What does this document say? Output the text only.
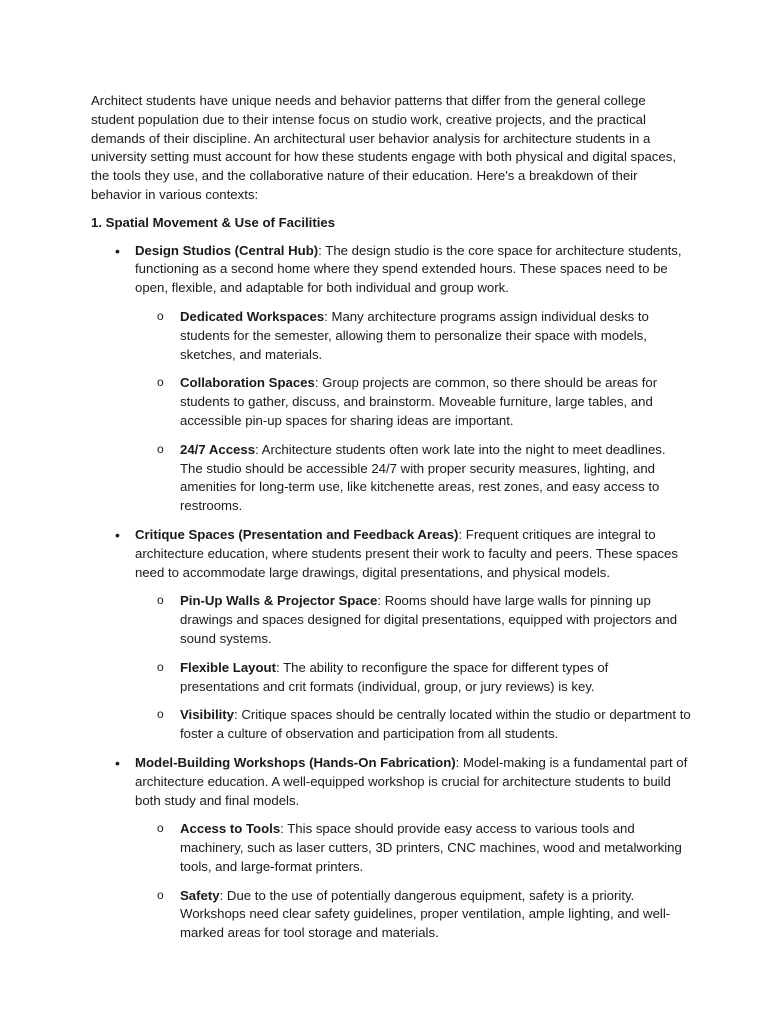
Architect students have unique needs and behavior patterns that differ from the general college student population due to their intense focus on studio work, creative projects, and the practical demands of their discipline. An architectural user behavior analysis for architecture students in a university setting must account for how these students engage with both physical and digital spaces, the tools they use, and the collaborative nature of their education. Here's a breakdown of their behavior in various contexts:

1. Spatial Movement & Use of Facilities

• Design Studios (Central Hub): The design studio is the core space for architecture students, functioning as a second home where they spend extended hours. These spaces need to be open, flexible, and adaptable for both individual and group work.

o Dedicated Workspaces: Many architecture programs assign individual desks to students for the semester, allowing them to personalize their space with models, sketches, and materials.
o Collaboration Spaces: Group projects are common, so there should be areas for students to gather, discuss, and brainstorm. Moveable furniture, large tables, and accessible pin-up spaces for sharing ideas are important.
o 24/7 Access: Architecture students often work late into the night to meet deadlines. The studio should be accessible 24/7 with proper security measures, lighting, and amenities for long-term use, like kitchenette areas, rest zones, and easy access to restrooms.
• Critique Spaces (Presentation and Feedback Areas): Frequent critiques are integral to architecture education, where students present their work to faculty and peers. These spaces need to accommodate large drawings, digital presentations, and physical models.

o Pin-Up Walls & Projector Space: Rooms should have large walls for pinning up drawings and spaces designed for digital presentations, equipped with projectors and sound systems.
o Flexible Layout: The ability to reconfigure the space for different types of presentations and crit formats (individual, group, or jury reviews) is key.
o Visibility: Critique spaces should be centrally located within the studio or department to foster a culture of observation and participation from all students.
• Model-Building Workshops (Hands-On Fabrication): Model-making is a fundamental part of architecture education. A well-equipped workshop is crucial for architecture students to build both study and final models.

o Access to Tools: This space should provide easy access to various tools and machinery, such as laser cutters, 3D printers, CNC machines, wood and metalworking tools, and large-format printers.
o Safety: Due to the use of potentially dangerous equipment, safety is a priority. Workshops need clear safety guidelines, proper ventilation, ample lighting, and well-marked areas for tool storage and materials.
